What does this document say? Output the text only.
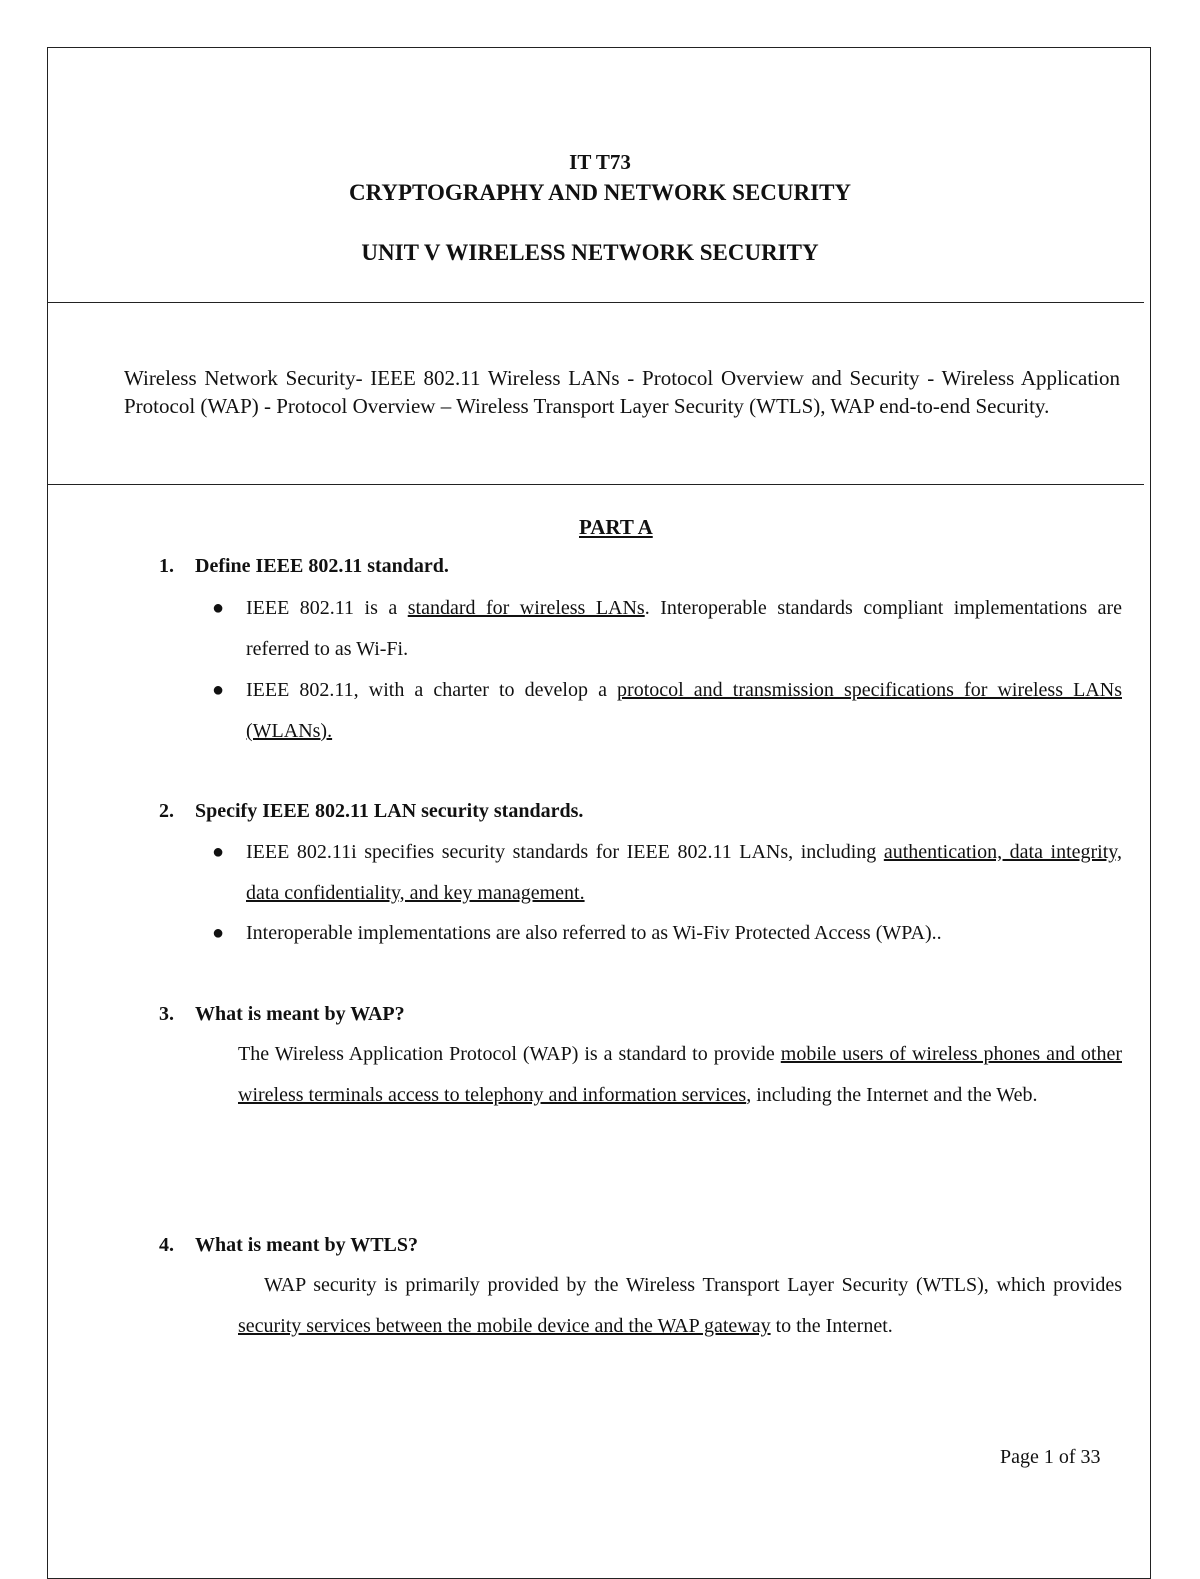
IT T73
CRYPTOGRAPHY AND NETWORK SECURITY
UNIT V WIRELESS NETWORK SECURITY
Wireless Network Security- IEEE 802.11 Wireless LANs - Protocol Overview and Security - Wireless Application Protocol (WAP) - Protocol Overview – Wireless Transport Layer Security (WTLS), WAP end-to-end Security.
PART A
1. Define IEEE 802.11 standard.
●	IEEE 802.11 is a standard for wireless LANs. Interoperable standards compliant implementations are referred to as Wi-Fi.
●	IEEE 802.11, with a charter to develop a protocol and transmission specifications for wireless LANs (WLANs).
2. Specify IEEE 802.11 LAN security standards.
●	IEEE 802.11i specifies security standards for IEEE 802.11 LANs, including authentication, data integrity, data confidentiality, and key management.
●	Interoperable implementations are also referred to as Wi-Fiv Protected Access (WPA)..
3. What is meant by WAP?
The Wireless Application Protocol (WAP) is a standard to provide mobile users of wireless phones and other wireless terminals access to telephony and information services, including the Internet and the Web.
4. What is meant by WTLS?
WAP security is primarily provided by the Wireless Transport Layer Security (WTLS), which provides security services between the mobile device and the WAP gateway to the Internet.
Page 1 of 33
